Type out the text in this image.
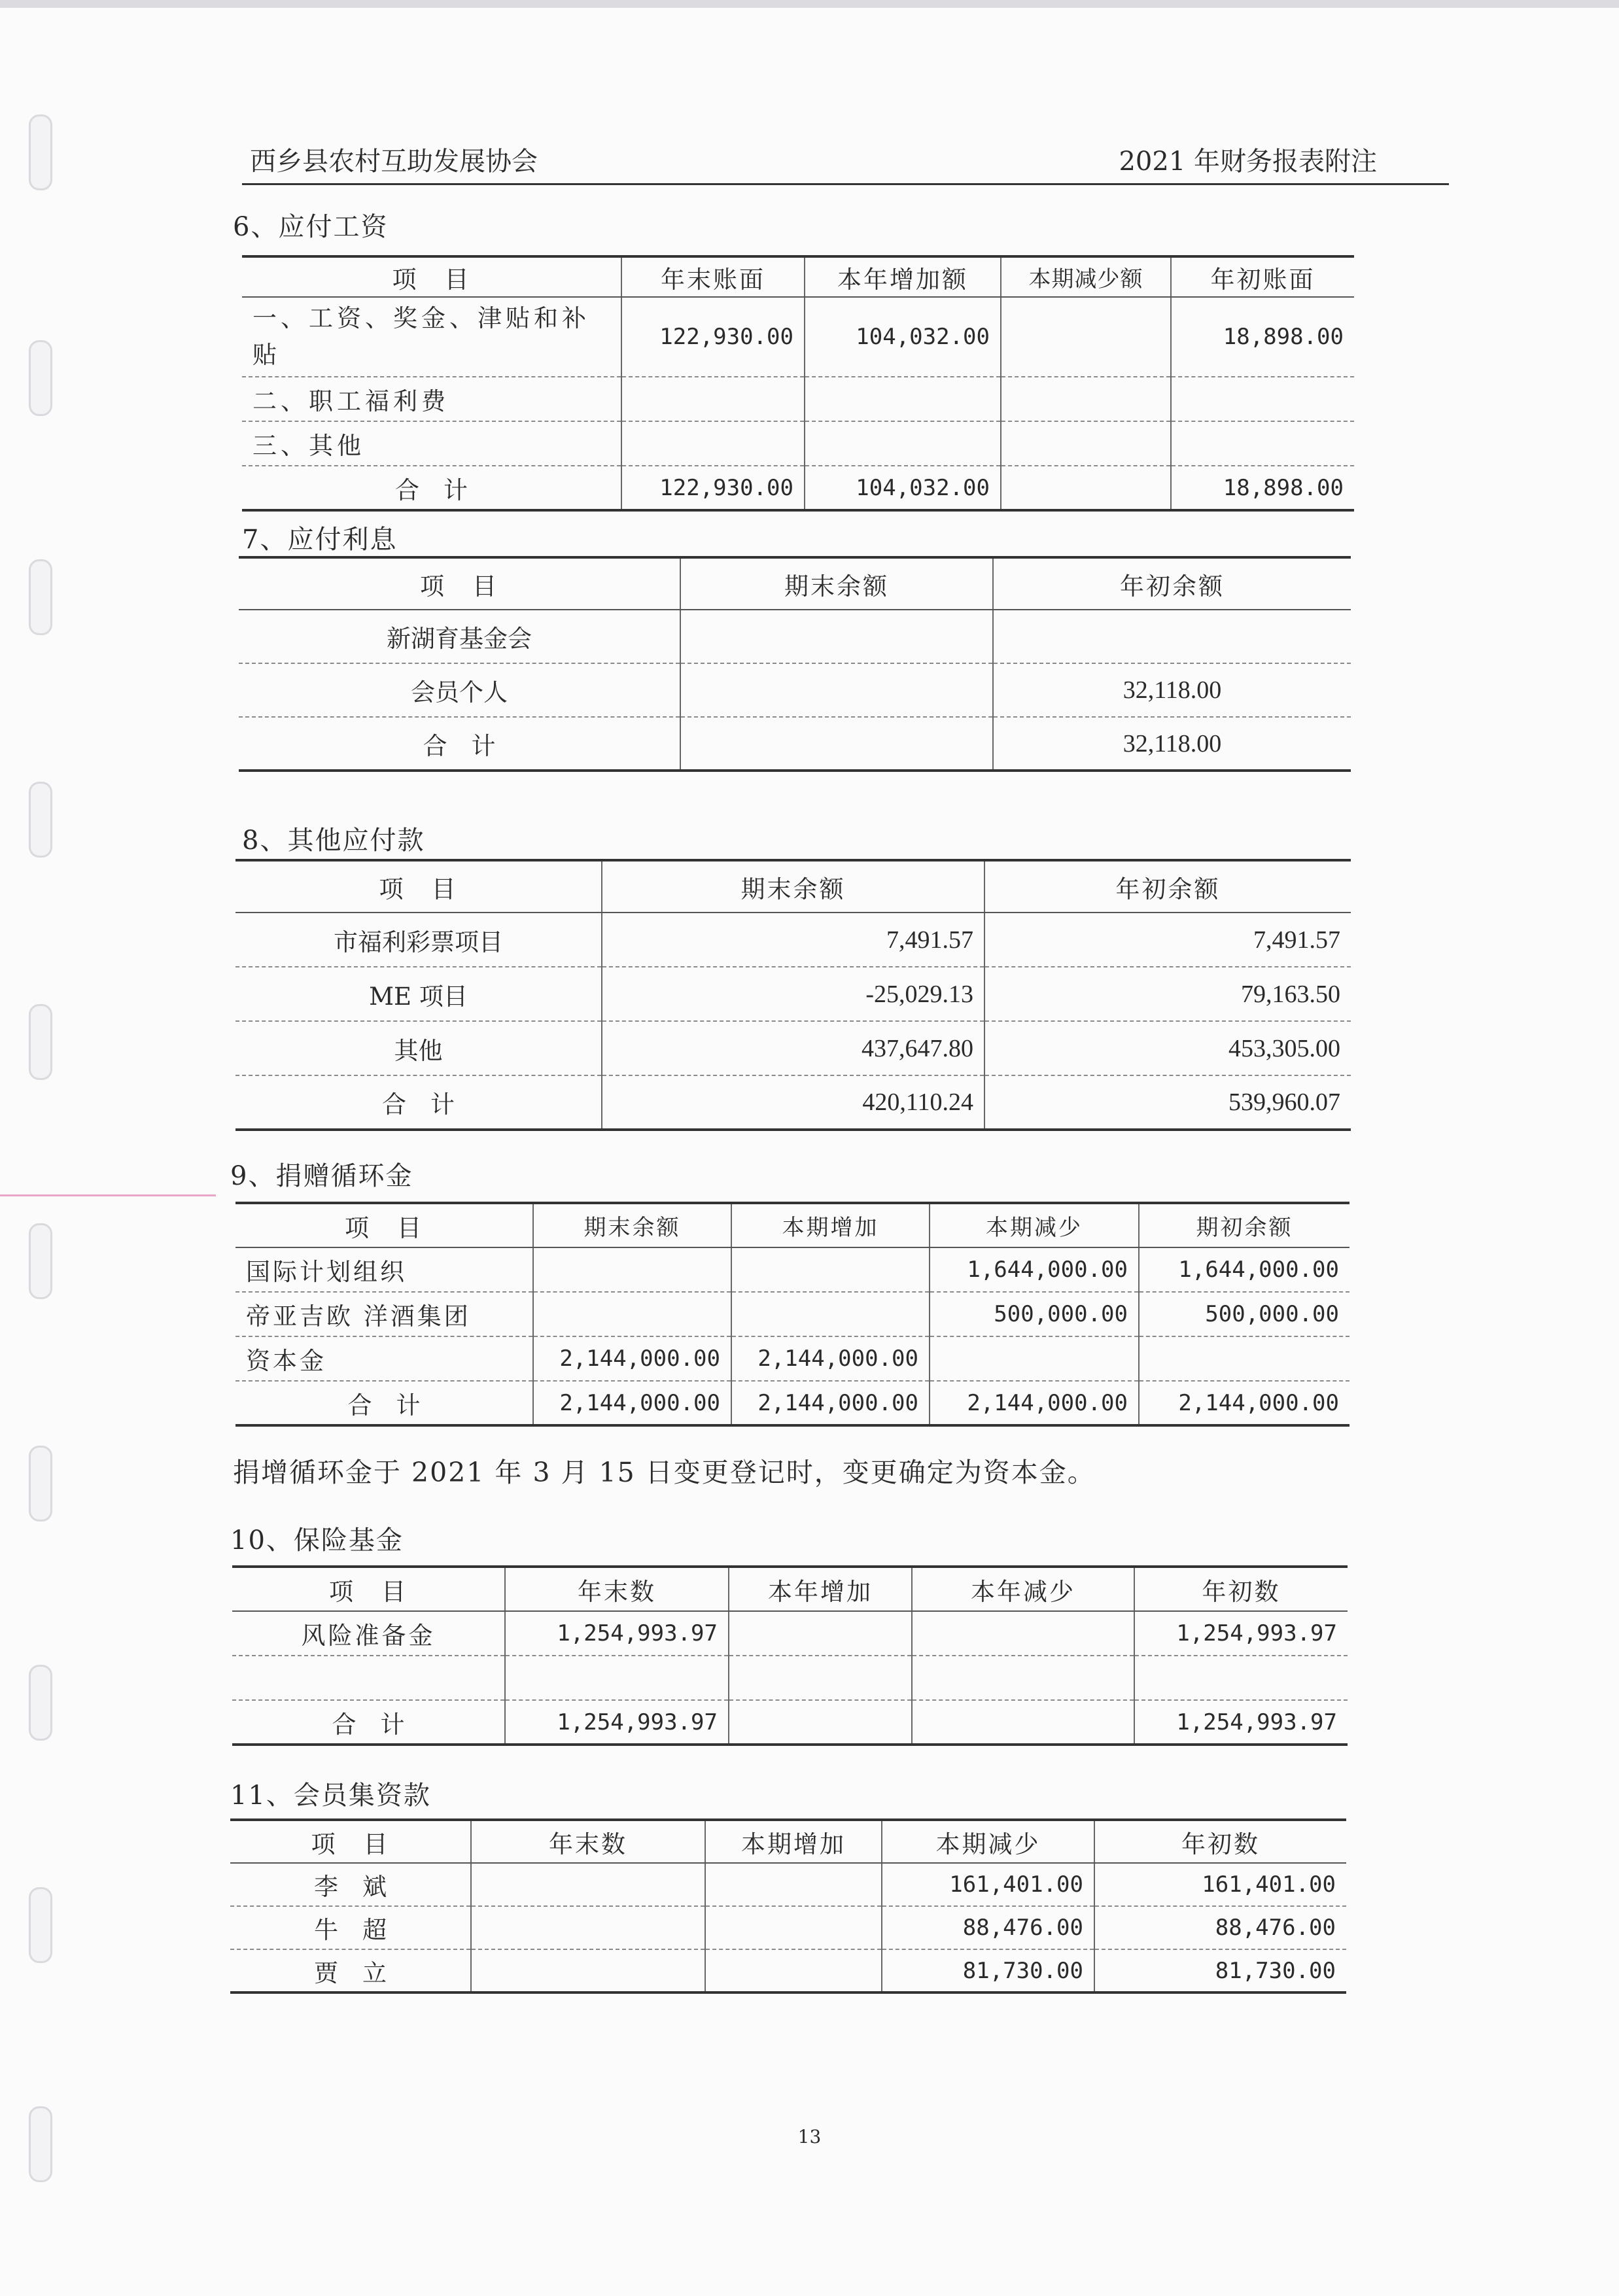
西乡县农村互助发展协会	2021 年财务报表附注
6、应付工资
项　目	年末账面	本年增加额	本期减少额	年初账面
一、工资、奖金、津贴和补贴	122,930.00	104,032.00		18,898.00
二、职工福利费				
三、其他				
合　计	122,930.00	104,032.00		18,898.00
7、应付利息
项　目	期末余额	年初余额
新湖育基金会		
会员个人		32,118.00
合　计		32,118.00
8、其他应付款
项　目	期末余额	年初余额
市福利彩票项目	7,491.57	7,491.57
ME 项目	-25,029.13	79,163.50
其他	437,647.80	453,305.00
合　计	420,110.24	539,960.07
9、捐赠循环金
项　目	期末余额	本期增加	本期减少	期初余额
国际计划组织			1,644,000.00	1,644,000.00
帝亚吉欧 洋酒集团			500,000.00	500,000.00
资本金	2,144,000.00	2,144,000.00		
合　计	2,144,000.00	2,144,000.00	2,144,000.00	2,144,000.00
捐增循环金于 2021 年 3 月 15 日变更登记时，变更确定为资本金。
10、保险基金
项　目	年末数	本年增加	本年减少	年初数
风险准备金	1,254,993.97			1,254,993.97

合　计	1,254,993.97			1,254,993.97
11、会员集资款
项　目	年末数	本期增加	本期减少	年初数
李　斌			161,401.00	161,401.00
牛　超			88,476.00	88,476.00
贾　立			81,730.00	81,730.00
13
